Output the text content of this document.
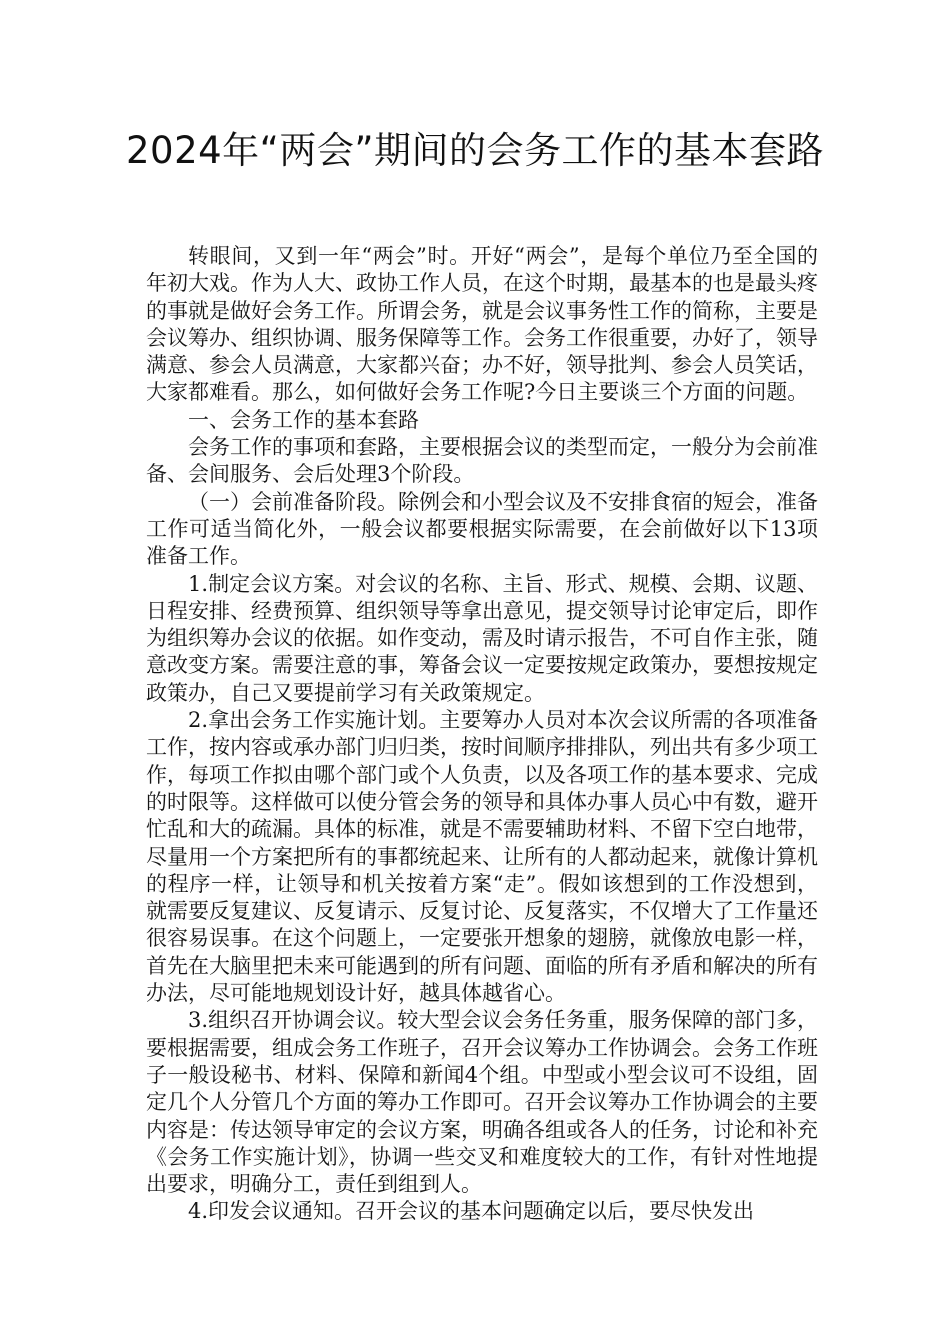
2024年“两会”期间的会务工作的基本套路

转眼间，又到一年“两会”时。开好“两会”，是每个单位乃至全国的年初大戏。作为人大、政协工作人员，在这个时期，最基本的也是最头疼的事就是做好会务工作。所谓会务，就是会议事务性工作的简称，主要是会议筹办、组织协调、服务保障等工作。会务工作很重要，办好了，领导满意、参会人员满意，大家都兴奋；办不好，领导批判、参会人员笑话，大家都难看。那么，如何做好会务工作呢?今日主要谈三个方面的问题。

一、会务工作的基本套路

会务工作的事项和套路，主要根据会议的类型而定，一般分为会前准备、会间服务、会后处理3个阶段。

（一）会前准备阶段。除例会和小型会议及不安排食宿的短会，准备工作可适当简化外，一般会议都要根据实际需要，在会前做好以下13项准备工作。

1.制定会议方案。对会议的名称、主旨、形式、规模、会期、议题、日程安排、经费预算、组织领导等拿出意见，提交领导讨论审定后，即作为组织筹办会议的依据。如作变动，需及时请示报告，不可自作主张，随意改变方案。需要注意的事，筹备会议一定要按规定政策办，要想按规定政策办，自己又要提前学习有关政策规定。

2.拿出会务工作实施计划。主要筹办人员对本次会议所需的各项准备工作，按内容或承办部门归归类，按时间顺序排排队，列出共有多少项工作，每项工作拟由哪个部门或个人负责，以及各项工作的基本要求、完成的时限等。这样做可以使分管会务的领导和具体办事人员心中有数，避开忙乱和大的疏漏。具体的标准，就是不需要辅助材料、不留下空白地带，尽量用一个方案把所有的事都统起来、让所有的人都动起来，就像计算机的程序一样，让领导和机关按着方案“走”。假如该想到的工作没想到，就需要反复建议、反复请示、反复讨论、反复落实，不仅增大了工作量还很容易误事。在这个问题上，一定要张开想象的翅膀，就像放电影一样，首先在大脑里把未来可能遇到的所有问题、面临的所有矛盾和解决的所有办法，尽可能地规划设计好，越具体越省心。

3.组织召开协调会议。较大型会议会务任务重，服务保障的部门多，要根据需要，组成会务工作班子，召开会议筹办工作协调会。会务工作班子一般设秘书、材料、保障和新闻4个组。中型或小型会议可不设组，固定几个人分管几个方面的筹办工作即可。召开会议筹办工作协调会的主要内容是：传达领导审定的会议方案，明确各组或各人的任务，讨论和补充《会务工作实施计划》，协调一些交叉和难度较大的工作，有针对性地提出要求，明确分工，责任到组到人。

4.印发会议通知。召开会议的基本问题确定以后，要尽快发出
